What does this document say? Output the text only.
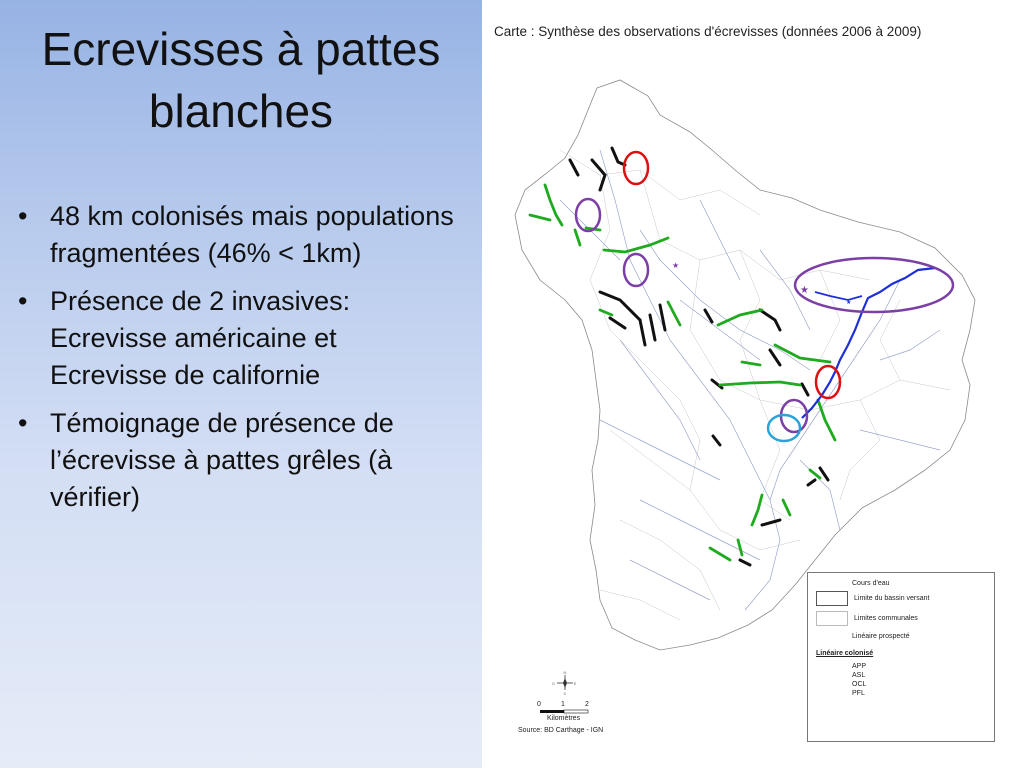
Ecrevisses à pattes blanches
• 48 km colonisés mais populations fragmentées (46% < 1km)
• Présence de 2 invasives: Ecrevisse américaine et Ecrevisse de californie
• Témoignage de présence de l’écrevisse à pattes grêles (à vérifier)
Carte : Synthèse des observations d'écrevisses (données 2006 à 2009)
★
★
★
N
S
E
O
Cours d'eau
Limite du bassin versant
Limites communales
Linéaire prospecté
Linéaire colonisé
APP
ASL
OCL
PFL
0	1	2
Kilomètres
Source: BD Carthage - IGN
